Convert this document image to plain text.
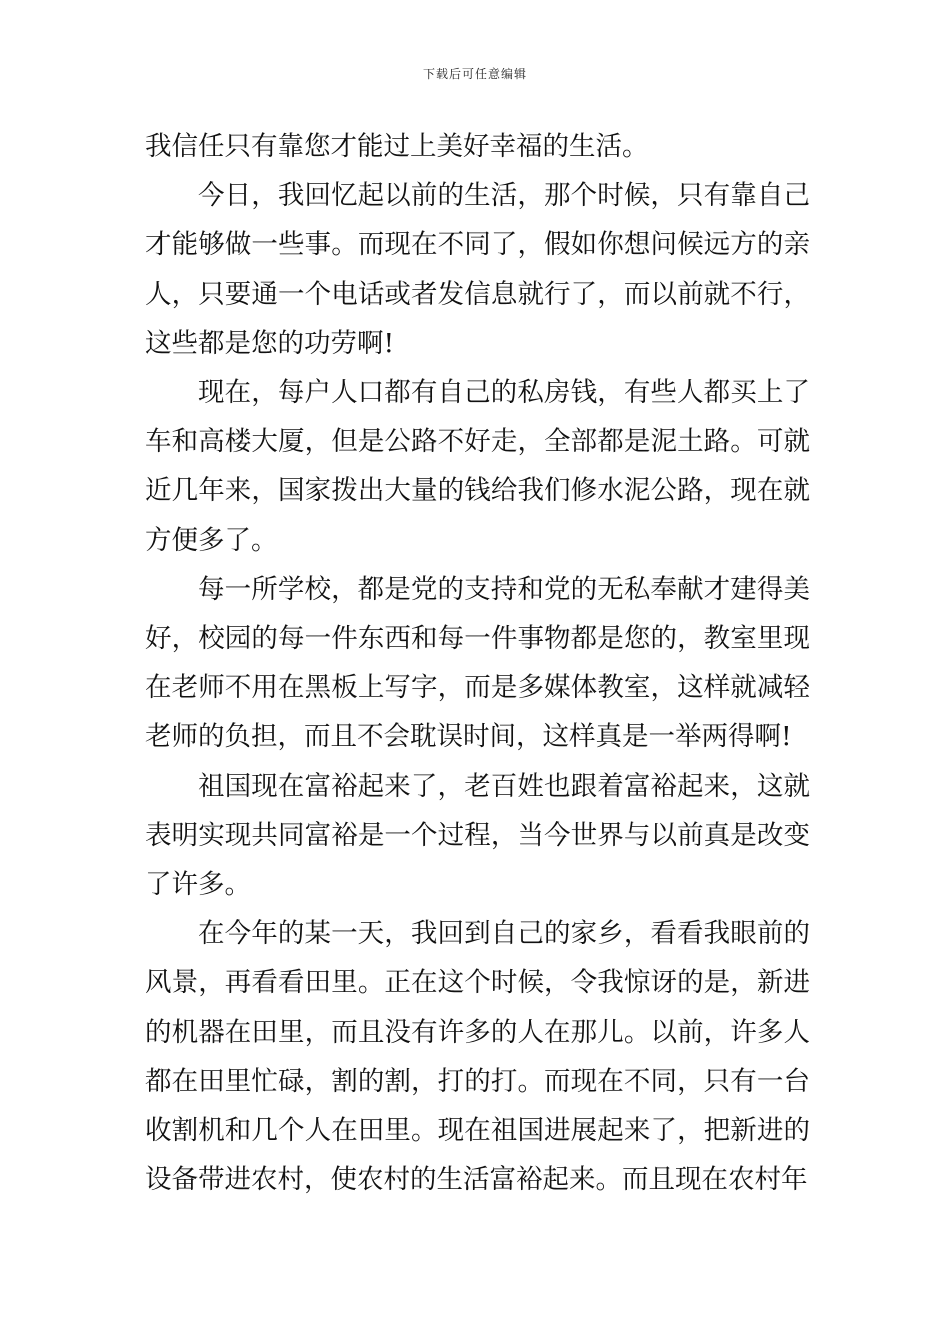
下载后可任意编辑

我信任只有靠您才能过上美好幸福的生活。

今日，我回忆起以前的生活，那个时候，只有靠自己才能够做一些事。而现在不同了，假如你想问候远方的亲人，只要通一个电话或者发信息就行了，而以前就不行，这些都是您的功劳啊!

现在，每户人口都有自己的私房钱，有些人都买上了车和高楼大厦，但是公路不好走，全部都是泥土路。可就近几年来，国家拨出大量的钱给我们修水泥公路，现在就方便多了。

每一所学校，都是党的支持和党的无私奉献才建得美好，校园的每一件东西和每一件事物都是您的，教室里现在老师不用在黑板上写字，而是多媒体教室，这样就减轻老师的负担，而且不会耽误时间，这样真是一举两得啊!

祖国现在富裕起来了，老百姓也跟着富裕起来，这就表明实现共同富裕是一个过程，当今世界与以前真是改变了许多。

在今年的某一天，我回到自己的家乡，看看我眼前的风景，再看看田里。正在这个时候，令我惊讶的是，新进的机器在田里，而且没有许多的人在那儿。以前，许多人都在田里忙碌，割的割，打的打。而现在不同，只有一台收割机和几个人在田里。现在祖国进展起来了，把新进的设备带进农村，使农村的生活富裕起来。而且现在农村年
